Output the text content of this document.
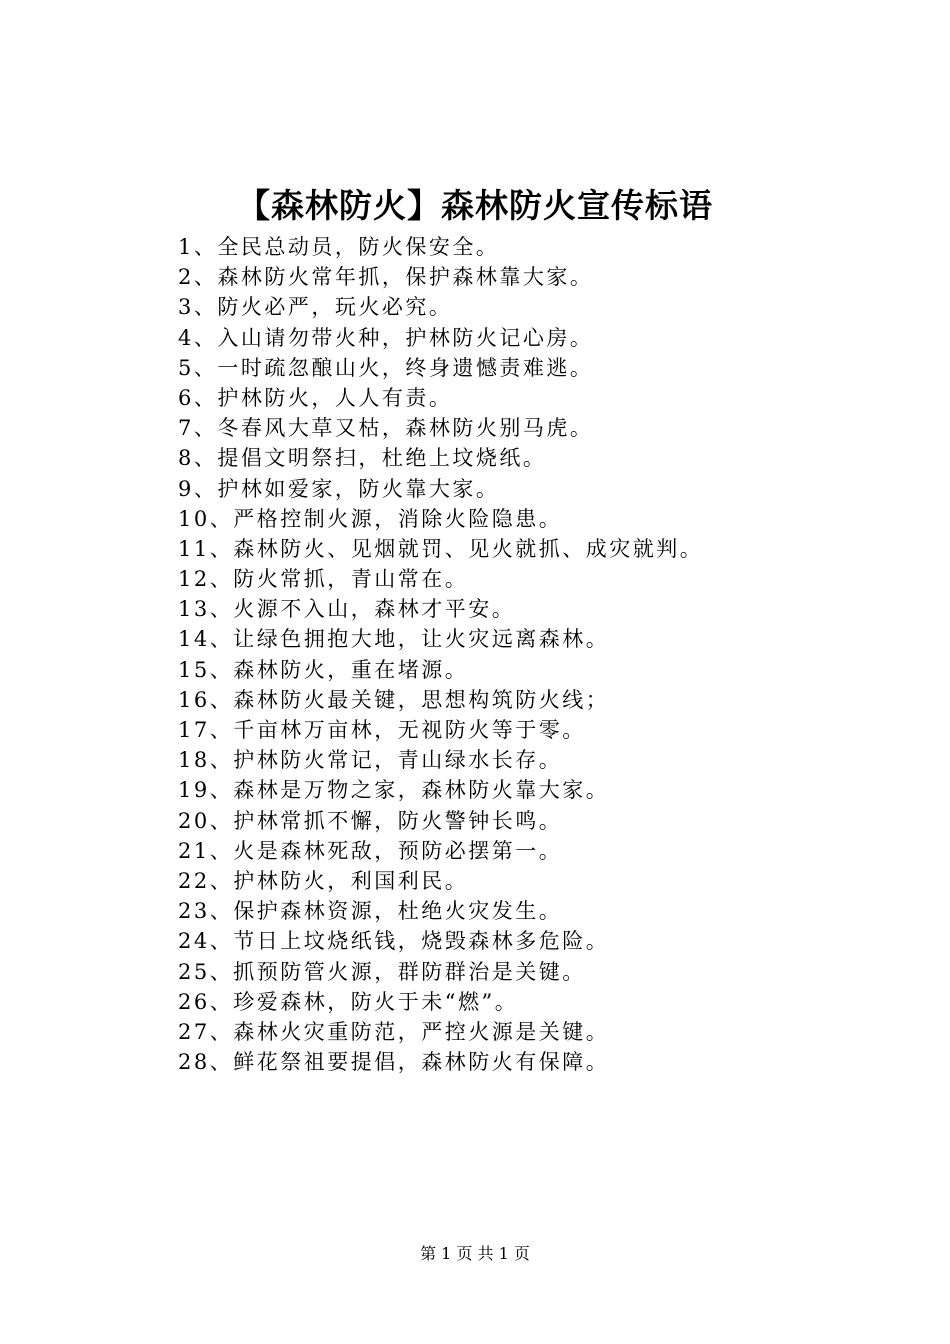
【森林防火】森林防火宣传标语
1、全民总动员，防火保安全。
2、森林防火常年抓，保护森林靠大家。
3、防火必严，玩火必究。
4、入山请勿带火种，护林防火记心房。
5、一时疏忽酿山火，终身遗憾责难逃。
6、护林防火，人人有责。
7、冬春风大草又枯，森林防火别马虎。
8、提倡文明祭扫，杜绝上坟烧纸。
9、护林如爱家，防火靠大家。
10、严格控制火源，消除火险隐患。
11、森林防火、见烟就罚、见火就抓、成灾就判。
12、防火常抓，青山常在。
13、火源不入山，森林才平安。
14、让绿色拥抱大地，让火灾远离森林。
15、森林防火，重在堵源。
16、森林防火最关键，思想构筑防火线；
17、千亩林万亩林，无视防火等于零。
18、护林防火常记，青山绿水长存。
19、森林是万物之家，森林防火靠大家。
20、护林常抓不懈，防火警钟长鸣。
21、火是森林死敌，预防必摆第一。
22、护林防火，利国利民。
23、保护森林资源，杜绝火灾发生。
24、节日上坟烧纸钱，烧毁森林多危险。
25、抓预防管火源，群防群治是关键。
26、珍爱森林，防火于未“燃”。
27、森林火灾重防范，严控火源是关键。
28、鲜花祭祖要提倡，森林防火有保障。
第 1 页 共 1 页
